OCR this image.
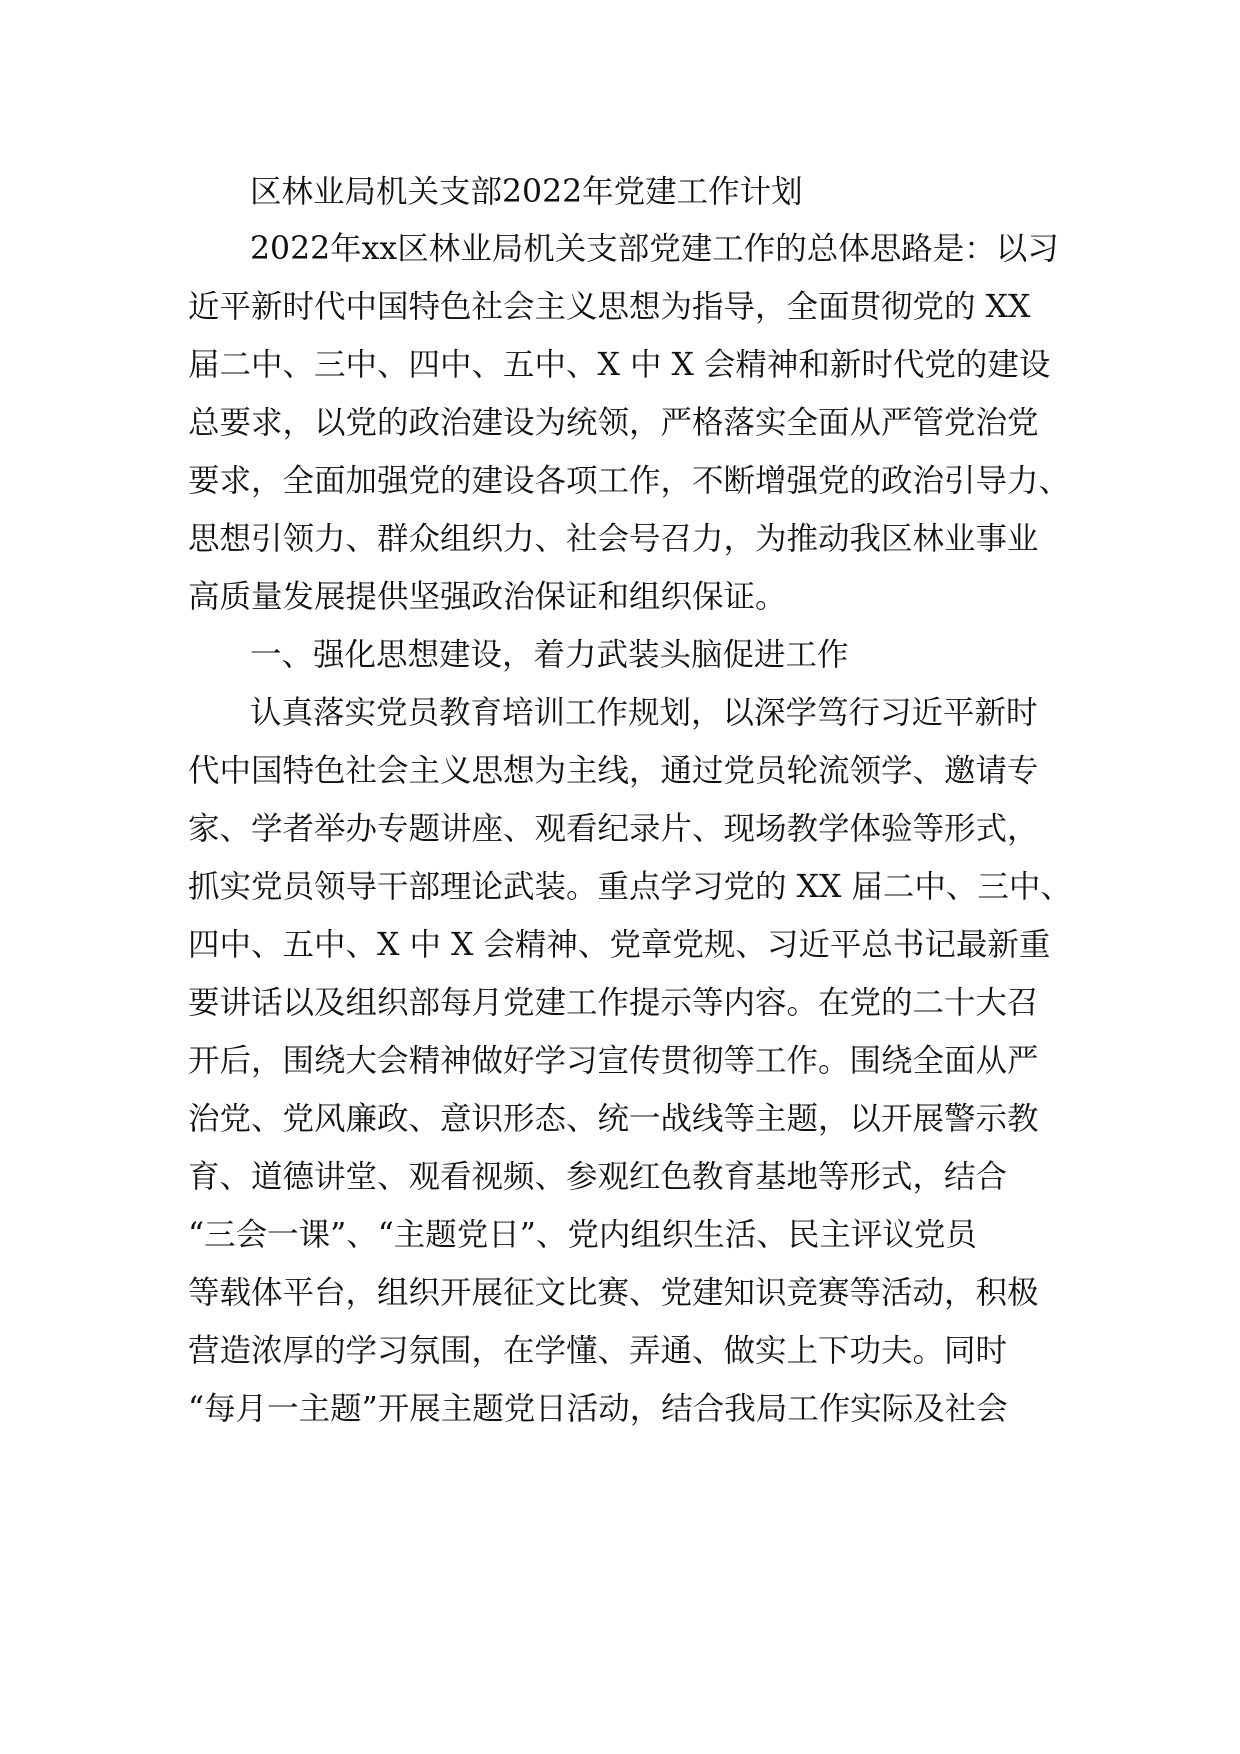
区林业局机关支部2022年党建工作计划

2022年xx区林业局机关支部党建工作的总体思路是：以习

近平新时代中国特色社会主义思想为指导，全面贯彻党的 XX

届二中、三中、四中、五中、X 中 X 会精神和新时代党的建设

总要求，以党的政治建设为统领，严格落实全面从严管党治党

要求，全面加强党的建设各项工作，不断增强党的政治引导力、

思想引领力、群众组织力、社会号召力，为推动我区林业事业

高质量发展提供坚强政治保证和组织保证。

一、强化思想建设，着力武装头脑促进工作

认真落实党员教育培训工作规划，以深学笃行习近平新时

代中国特色社会主义思想为主线，通过党员轮流领学、邀请专

家、学者举办专题讲座、观看纪录片、现场教学体验等形式，

抓实党员领导干部理论武装。重点学习党的 XX 届二中、三中、

四中、五中、X 中 X 会精神、党章党规、习近平总书记最新重

要讲话以及组织部每月党建工作提示等内容。在党的二十大召

开后，围绕大会精神做好学习宣传贯彻等工作。围绕全面从严

治党、党风廉政、意识形态、统一战线等主题，以开展警示教

育、道德讲堂、观看视频、参观红色教育基地等形式，结合

“三会一课”、“主题党日”、党内组织生活、民主评议党员

等载体平台，组织开展征文比赛、党建知识竞赛等活动，积极

营造浓厚的学习氛围，在学懂、弄通、做实上下功夫。同时

“每月一主题”开展主题党日活动，结合我局工作实际及社会
